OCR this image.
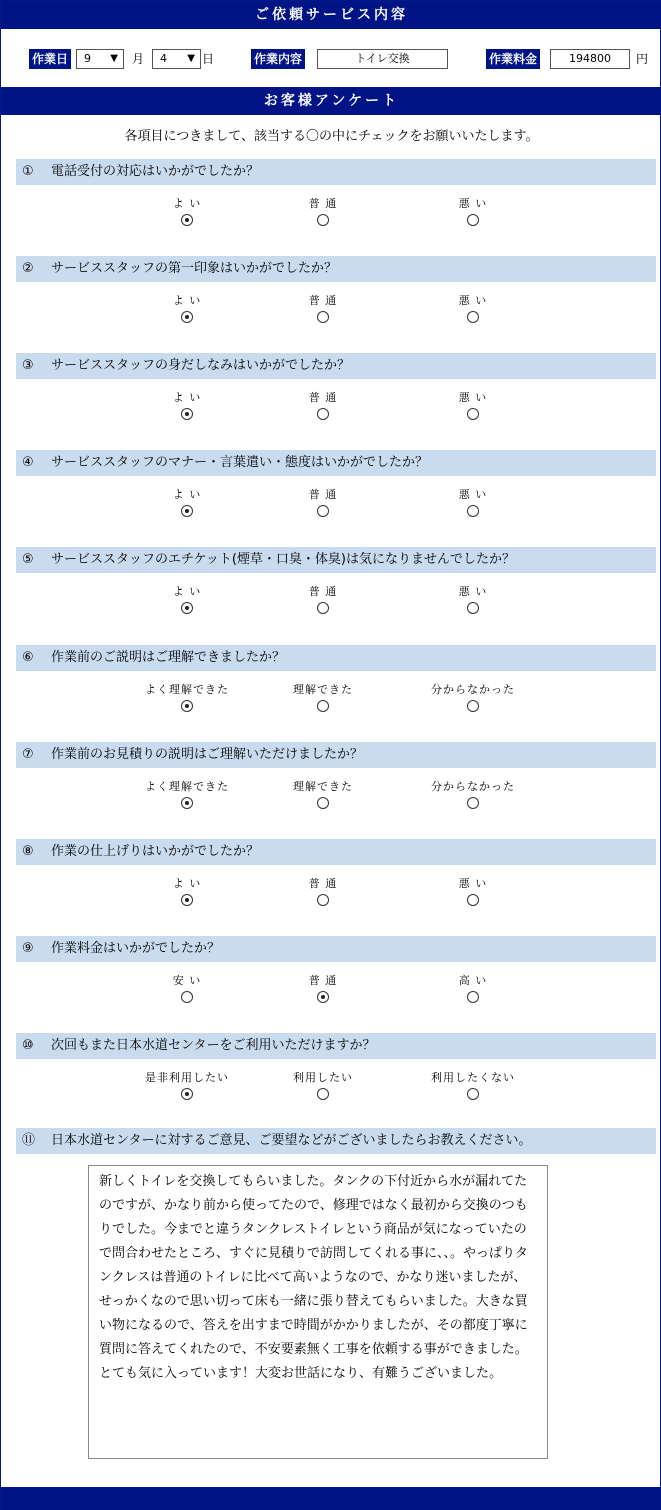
ご依頼サービス内容
作業日	9 ▼ 月	4 ▼ 日	作業内容	トイレ交換	作業料金	194800	円
お客様アンケート
各項目につきまして、該当する〇の中にチェックをお願いいたします。
⑪ 日本水道センターに対するご意見、ご要望などがございましたらお教えください。
新しくトイレを交換してもらいました。タンクの下付近から水が漏れてたのですが、かなり前から使ってたので、修理ではなく最初から交換のつもりでした。今までと違うタンクレストイレという商品が気になっていたので問合わせたところ、すぐに見積りで訪問してくれる事に、、。やっぱりタンクレスは普通のトイレに比べて高いようなので、かなり迷いましたが、せっかくなので思い切って床も一緒に張り替えてもらいました。大きな買い物になるので、答えを出すまで時間がかかりましたが、その都度丁寧に質問に答えてくれたので、不安要素無く工事を依頼する事ができました。とても気に入っています！大変お世話になり、有難うございました。
① 電話受付の対応はいかがでしたか？
よ い	普 通	悪 い
② サービススタッフの第一印象はいかがでしたか？
よ い	普 通	悪 い
③ サービススタッフの身だしなみはいかがでしたか？
よ い	普 通	悪 い
④ サービススタッフのマナー・言葉遣い・態度はいかがでしたか？
よ い	普 通	悪 い
⑤ サービススタッフのエチケット(煙草・口臭・体臭)は気になりませんでしたか？
よ い	普 通	悪 い
⑥ 作業前のご説明はご理解できましたか？
よく理解できた	理解できた	分からなかった
⑦ 作業前のお見積りの説明はご理解いただけましたか？
よく理解できた	理解できた	分からなかった
⑧ 作業の仕上げりはいかがでしたか？
よ い	普 通	悪 い
⑨ 作業料金はいかがでしたか？
安 い	普 通	高 い
⑩ 次回もまた日本水道センターをご利用いただけますか？
是非利用したい	利用したい	利用したくない
